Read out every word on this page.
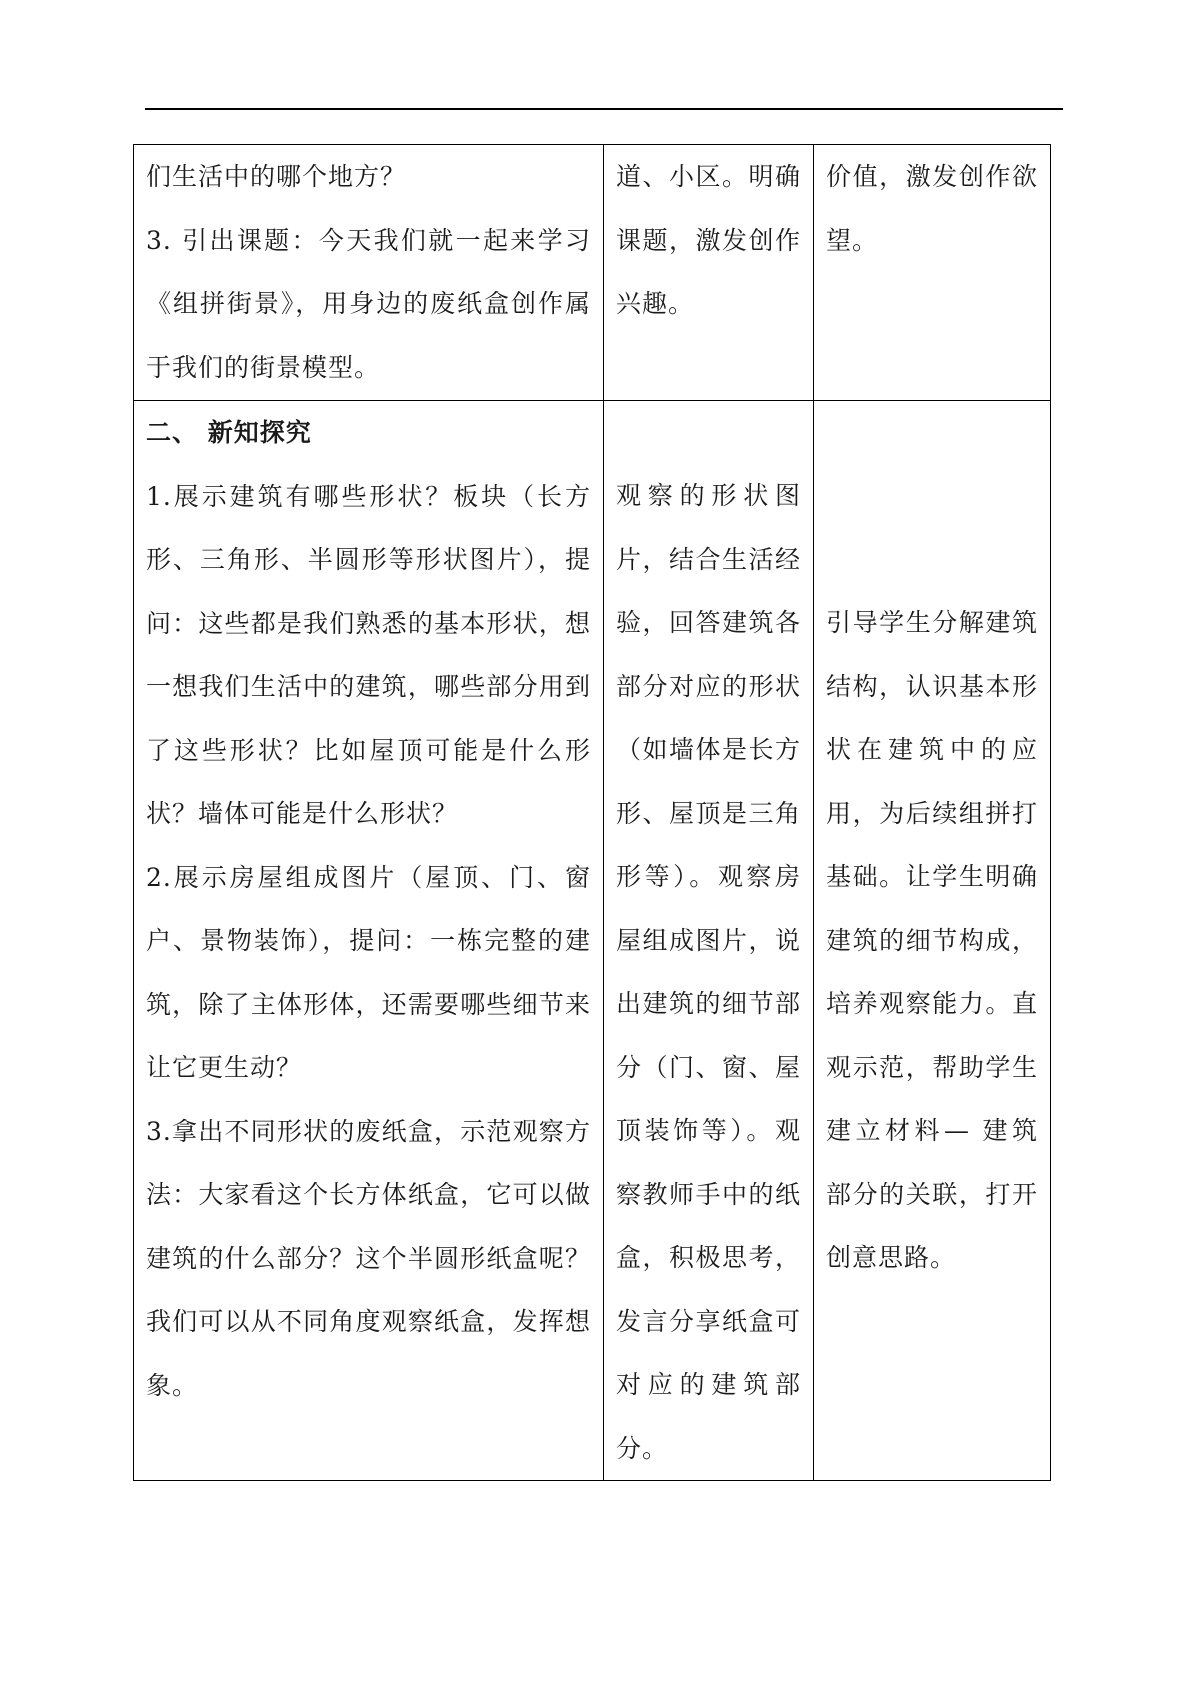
们生活中的哪个地方？
3. 引出课题：今天我们就一起来学习《组拼街景》，用身边的废纸盒创作属于我们的街景模型。	道、小区。明确课题，激发创作兴趣。	价值，激发创作欲望。

二、 新知探究
1.展示建筑有哪些形状？板块（长方形、三角形、半圆形等形状图片），提问：这些都是我们熟悉的基本形状，想一想我们生活中的建筑，哪些部分用到了这些形状？比如屋顶可能是什么形状？墙体可能是什么形状？
2.展示房屋组成图片（屋顶、门、窗户、景物装饰），提问：一栋完整的建筑，除了主体形体，还需要哪些细节来让它更生动？
3.拿出不同形状的废纸盒，示范观察方法：大家看这个长方体纸盒，它可以做建筑的什么部分？这个半圆形纸盒呢？我们可以从不同角度观察纸盒，发挥想象。	观察的形状图片，结合生活经验，回答建筑各部分对应的形状（如墙体是长方形、屋顶是三角形等）。观察房屋组成图片，说出建筑的细节部分（门、窗、屋顶装饰等）。观察教师手中的纸盒，积极思考，发言分享纸盒可对应的建筑部分。	引导学生分解建筑结构，认识基本形状在建筑中的应用，为后续组拼打基础。让学生明确建筑的细节构成，培养观察能力。直观示范，帮助学生建立材料— 建筑部分的关联，打开创意思路。
